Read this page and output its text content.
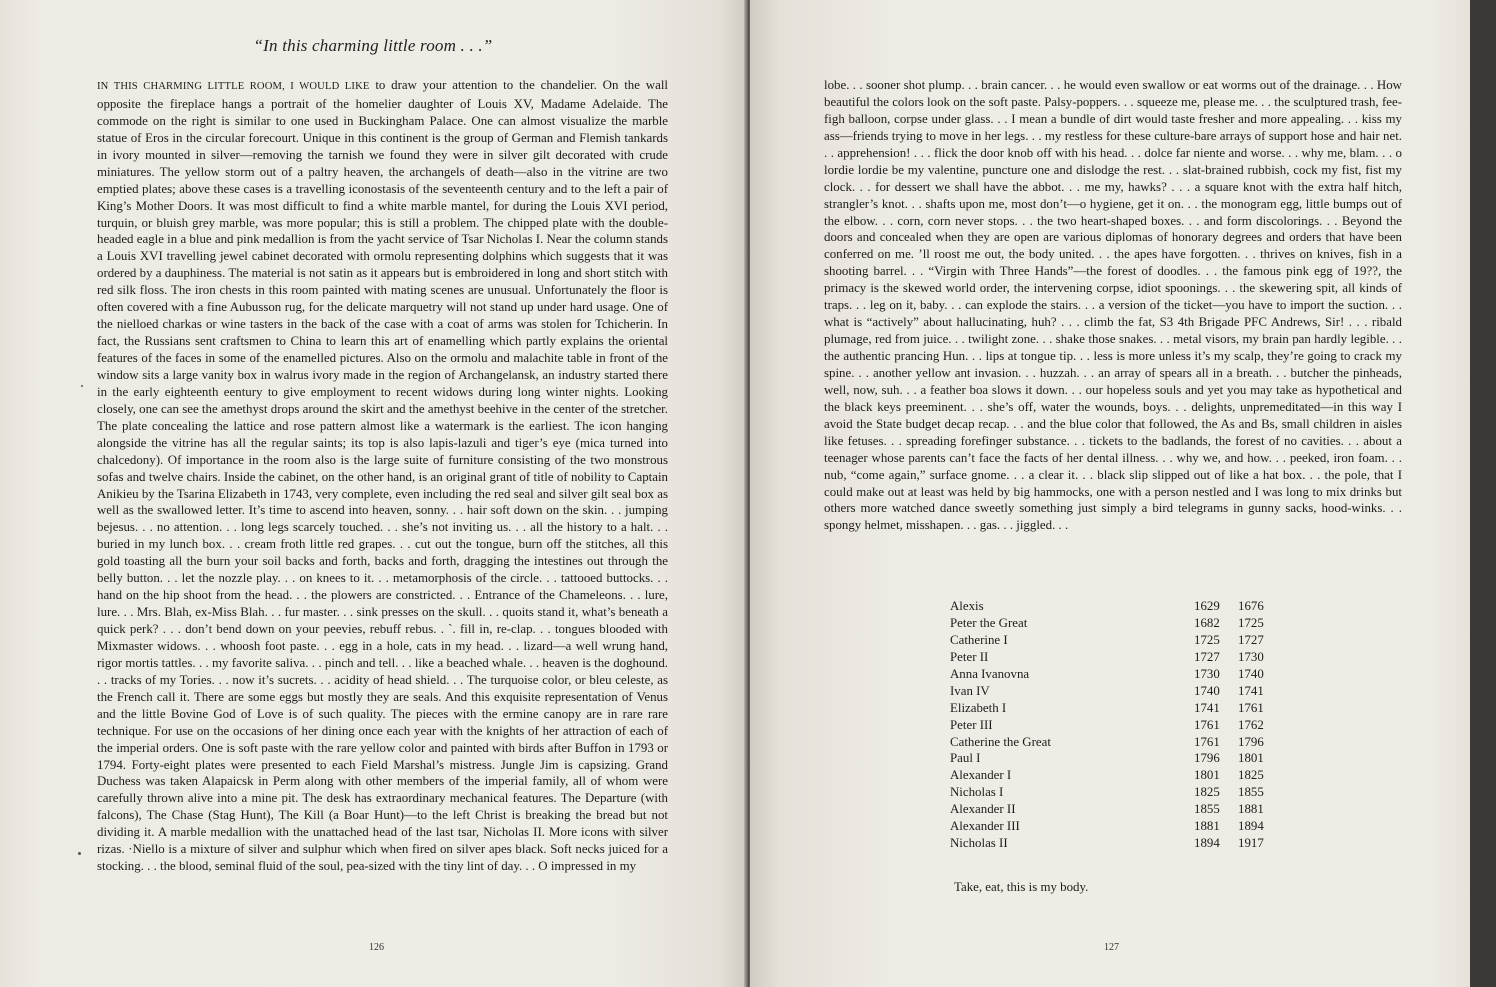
“In this charming little room . . .”
IN THIS CHARMING LITTLE ROOM, I WOULD LIKE to draw your attention to the chandelier. On the wall opposite the fireplace hangs a portrait of the homelier daughter of Louis XV, Madame Adelaide. The commode on the right is similar to one used in Buckingham Palace. One can almost visualize the marble statue of Eros in the circular forecourt. Unique in this continent is the group of German and Flemish tankards in ivory mounted in silver—removing the tarnish we found they were in silver gilt decorated with crude miniatures. The yellow storm out of a paltry heaven, the archangels of death—also in the vitrine are two emptied plates; above these cases is a travelling iconostasis of the seventeenth century and to the left a pair of King’s Mother Doors. It was most difficult to find a white marble mantel, for during the Louis XVI period, turquin, or bluish grey marble, was more popular; this is still a problem. The chipped plate with the double-headed eagle in a blue and pink medallion is from the yacht service of Tsar Nicholas I. Near the column stands a Louis XVI travelling jewel cabinet decorated with ormolu representing dolphins which suggests that it was ordered by a dauphiness. The material is not satin as it appears but is embroidered in long and short stitch with red silk floss. The iron chests in this room painted with mating scenes are unusual. Unfortunately the floor is often covered with a fine Aubusson rug, for the delicate marquetry will not stand up under hard usage. One of the nielloed charkas or wine tasters in the back of the case with a coat of arms was stolen for Tchicherin. In fact, the Russians sent craftsmen to China to learn this art of enamelling which partly explains the oriental features of the faces in some of the enamelled pictures. Also on the ormolu and malachite table in front of the window sits a large vanity box in walrus ivory made in the region of Archangelansk, an industry started there in the early eighteenth eentury to give employment to recent widows during long winter nights. Looking closely, one can see the amethyst drops around the skirt and the amethyst beehive in the center of the stretcher. The plate concealing the lattice and rose pattern almost like a watermark is the earliest. The icon hanging alongside the vitrine has all the regular saints; its top is also lapis-lazuli and tiger’s eye (mica turned into chalcedony). Of importance in the room also is the large suite of furniture consisting of the two monstrous sofas and twelve chairs. Inside the cabinet, on the other hand, is an original grant of title of nobility to Captain Anikieu by the Tsarina Elizabeth in 1743, very complete, even including the red seal and silver gilt seal box as well as the swallowed letter. It’s time to ascend into heaven, sonny. . . hair soft down on the skin. . . jumping bejesus. . . no attention. . . long legs scarcely touched. . . she’s not inviting us. . . all the history to a halt. . . buried in my lunch box. . . cream froth little red grapes. . . cut out the tongue, burn off the stitches, all this gold toasting all the burn your soil backs and forth, backs and forth, dragging the intestines out through the belly button. . . let the nozzle play. . . on knees to it. . . metamorphosis of the circle. . . tattooed buttocks. . . hand on the hip shoot from the head. . . the plowers are constricted. . . Entrance of the Chameleons. . . lure, lure. . . Mrs. Blah, ex-Miss Blah. . . fur master. . . sink presses on the skull. . . quoits stand it, what’s beneath a quick perk? . . . don’t bend down on your peevies, rebuff rebus. . `. fill in, re-clap. . . tongues blooded with Mixmaster widows. . . whoosh foot paste. . . egg in a hole, cats in my head. . . lizard—a well wrung hand, rigor mortis tattles. . . my favorite saliva. . . pinch and tell. . . like a beached whale. . . heaven is the doghound. . . tracks of my Tories. . . now it’s sucrets. . . acidity of head shield. . . The turquoise color, or bleu celeste, as the French call it. There are some eggs but mostly they are seals. And this exquisite representation of Venus and the little Bovine God of Love is of such quality. The pieces with the ermine canopy are in rare rare technique. For use on the occasions of her dining once each year with the knights of her attraction of each of the imperial orders. One is soft paste with the rare yellow color and painted with birds after Buffon in 1793 or 1794. Forty-eight plates were presented to each Field Marshal’s mistress. Jungle Jim is capsizing. Grand Duchess was taken Alapaicsk in Perm along with other members of the imperial family, all of whom were carefully thrown alive into a mine pit. The desk has extraordinary mechanical features. The Departure (with falcons), The Chase (Stag Hunt), The Kill (a Boar Hunt)—to the left Christ is breaking the bread but not dividing it. A marble medallion with the unattached head of the last tsar, Nicholas II. More icons with silver rizas. ·Niello is a mixture of silver and sulphur which when fired on silver apes black. Soft necks juiced for a stocking. . . the blood, seminal fluid of the soul, pea-sized with the tiny lint of day. . . O impressed in my
126
lobe. . . sooner shot plump. . . brain cancer. . . he would even swallow or eat worms out of the drainage. . . How beautiful the colors look on the soft paste. Palsy-poppers. . . squeeze me, please me. . . the sculptured trash, fee-figh balloon, corpse under glass. . . I mean a bundle of dirt would taste fresher and more appealing. . . kiss my ass—friends trying to move in her legs. . . my restless for these culture-bare arrays of support hose and hair net. . . apprehension! . . . flick the door knob off with his head. . . dolce far niente and worse. . . why me, blam. . . o lordie lordie be my valentine, puncture one and dislodge the rest. . . slat-brained rubbish, cock my fist, fist my clock. . . for dessert we shall have the abbot. . . me my, hawks? . . . a square knot with the extra half hitch, strangler’s knot. . . shafts upon me, most don’t—o hygiene, get it on. . . the monogram egg, little bumps out of the elbow. . . corn, corn never stops. . . the two heart-shaped boxes. . . and form discolorings. . . Beyond the doors and concealed when they are open are various diplomas of honorary degrees and orders that have been conferred on me. ’ll roost me out, the body united. . . the apes have forgotten. . . thrives on knives, fish in a shooting barrel. . . “Virgin with Three Hands”—the forest of doodles. . . the famous pink egg of 19??, the primacy is the skewed world order, the intervening corpse, idiot spoonings. . . the skewering spit, all kinds of traps. . . leg on it, baby. . . can explode the stairs. . . a version of the ticket—you have to import the suction. . . what is “actively” about hallucinating, huh? . . . climb the fat, S3 4th Brigade PFC Andrews, Sir! . . . ribald plumage, red from juice. . . twilight zone. . . shake those snakes. . . metal visors, my brain pan hardly legible. . . the authentic prancing Hun. . . lips at tongue tip. . . less is more unless it’s my scalp, they’re going to crack my spine. . . another yellow ant invasion. . . huzzah. . . an array of spears all in a breath. . . butcher the pinheads, well, now, suh. . . a feather boa slows it down. . . our hopeless souls and yet you may take as hypothetical and the black keys preeminent. . . she’s off, water the wounds, boys. . . delights, unpremeditated—in this way I avoid the State budget decap recap. . . and the blue color that followed, the As and Bs, small children in aisles like fetuses. . . spreading forefinger substance. . . tickets to the badlands, the forest of no cavities. . . about a teenager whose parents can’t face the facts of her dental illness. . . why we, and how. . . peeked, iron foam. . . nub, “come again,” surface gnome. . . a clear it. . . black slip slipped out of like a hat box. . . the pole, that I could make out at least was held by big hammocks, one with a person nestled and I was long to mix drinks but others more watched dance sweetly something just simply a bird telegrams in gunny sacks, hood-winks. . . spongy helmet, misshapen. . . gas. . . jiggled. . .
Alexis	1629	1676
Peter the Great	1682	1725
Catherine I	1725	1727
Peter II	1727	1730
Anna Ivanovna	1730	1740
Ivan IV	1740	1741
Elizabeth I	1741	1761
Peter III	1761	1762
Catherine the Great	1761	1796
Paul I	1796	1801
Alexander I	1801	1825
Nicholas I	1825	1855
Alexander II	1855	1881
Alexander III	1881	1894
Nicholas II	1894	1917
Take, eat, this is my body.
127
